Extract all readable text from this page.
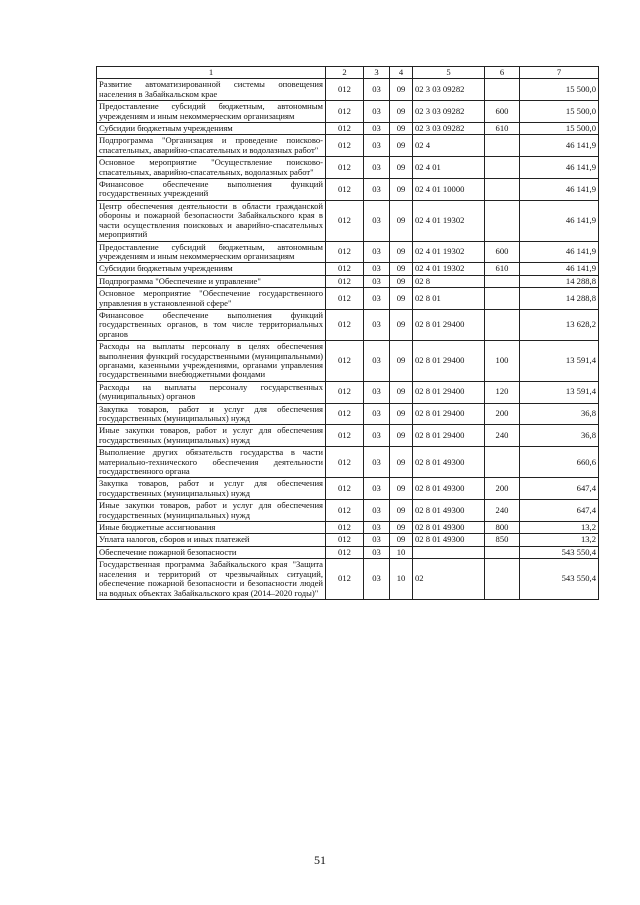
1	2	3	4	5	6	7
Развитие автоматизированной системы оповещения населения в Забайкальском крае	012	03	09	02 3 03 09282		15 500,0
Предоставление субсидий бюджетным, автономным учреждениям и иным некоммерческим организациям	012	03	09	02 3 03 09282	600	15 500,0
Субсидии бюджетным учреждениям	012	03	09	02 3 03 09282	610	15 500,0
Подпрограмма "Организация и проведение поисково-спасательных, аварийно-спасательных и водолазных работ"	012	03	09	02 4		46 141,9
Основное мероприятие "Осуществление поисково-спасательных, аварийно-спасательных, водолазных работ"	012	03	09	02 4 01		46 141,9
Финансовое обеспечение выполнения функций государственных учреждений	012	03	09	02 4 01 10000		46 141,9
Центр обеспечения деятельности в области гражданской обороны и пожарной безопасности Забайкальского края в части осуществления поисковых и аварийно-спасательных мероприятий	012	03	09	02 4 01 19302		46 141,9
Предоставление субсидий бюджетным, автономным учреждениям и иным некоммерческим организациям	012	03	09	02 4 01 19302	600	46 141,9
Субсидии бюджетным учреждениям	012	03	09	02 4 01 19302	610	46 141,9
Подпрограмма "Обеспечение и управление"	012	03	09	02 8		14 288,8
Основное мероприятие "Обеспечение государственного управления в установленной сфере"	012	03	09	02 8 01		14 288,8
Финансовое обеспечение выполнения функций государственных органов, в том числе территориальных органов	012	03	09	02 8 01 29400		13 628,2
Расходы на выплаты персоналу в целях обеспечения выполнения функций государственными (муниципальными) органами, казенными учреждениями, органами управления государственными внебюджетными фондами	012	03	09	02 8 01 29400	100	13 591,4
Расходы на выплаты персоналу государственных (муниципальных) органов	012	03	09	02 8 01 29400	120	13 591,4
Закупка товаров, работ и услуг для обеспечения государственных (муниципальных) нужд	012	03	09	02 8 01 29400	200	36,8
Иные закупки товаров, работ и услуг для обеспечения государственных (муниципальных) нужд	012	03	09	02 8 01 29400	240	36,8
Выполнение других обязательств государства в части материально-технического обеспечения деятельности государственного органа	012	03	09	02 8 01 49300		660,6
Закупка товаров, работ и услуг для обеспечения государственных (муниципальных) нужд	012	03	09	02 8 01 49300	200	647,4
Иные закупки товаров, работ и услуг для обеспечения государственных (муниципальных) нужд	012	03	09	02 8 01 49300	240	647,4
Иные бюджетные ассигнования	012	03	09	02 8 01 49300	800	13,2
Уплата налогов, сборов и иных платежей	012	03	09	02 8 01 49300	850	13,2
Обеспечение пожарной безопасности	012	03	10			543 550,4
Государственная программа Забайкальского края "Защита населения и территорий от чрезвычайных ситуаций, обеспечение пожарной безопасности и безопасности людей на водных объектах Забайкальского края (2014–2020 годы)"	012	03	10	02		543 550,4
51
